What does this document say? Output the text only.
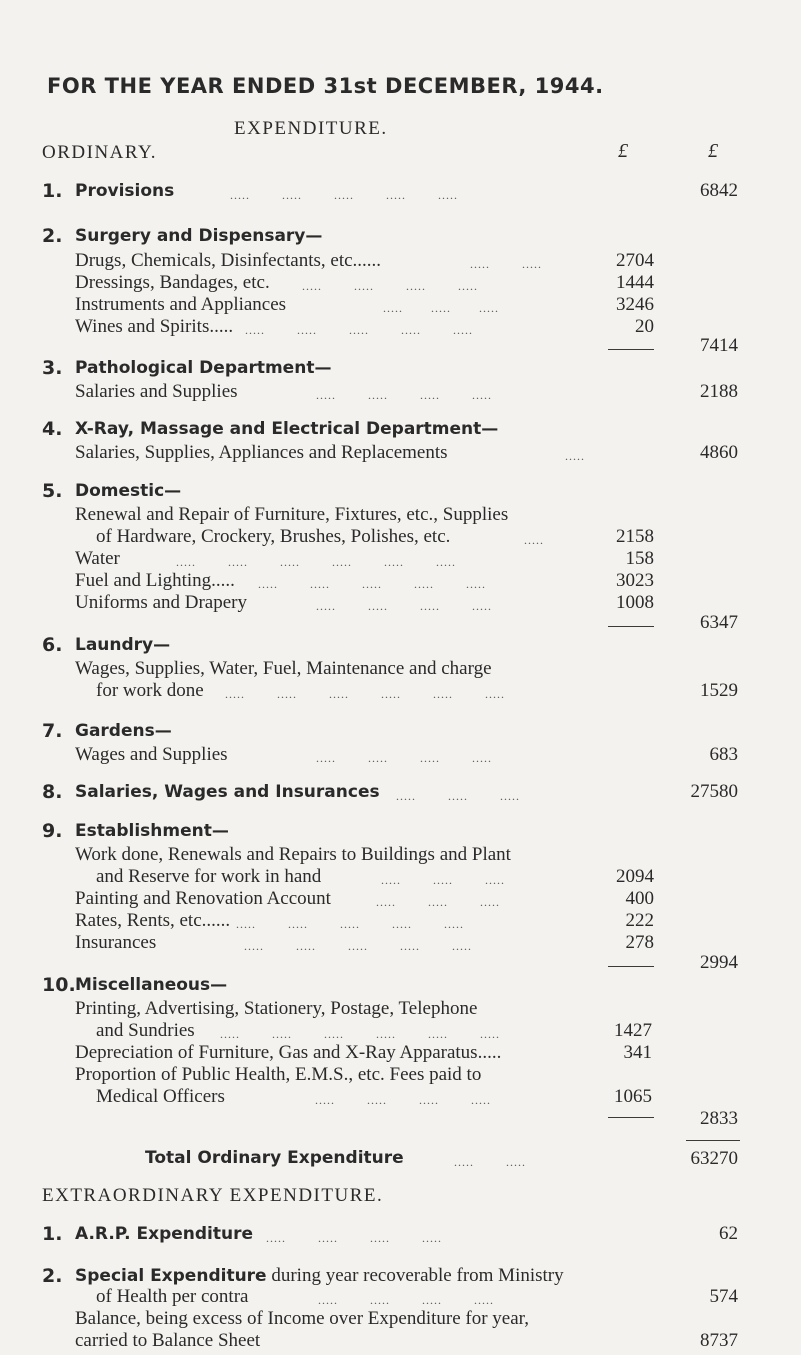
FOR THE YEAR ENDED 31st DECEMBER, 1944.
EXPENDITURE.
ORDINARY.	£	£
1. Provisions	.....        .....        .....        .....        .....	6842
2. Surgery and Dispensary—
Drugs, Chemicals, Disinfectants, etc......	.....        .....	2704
Dressings, Bandages, etc.	.....        .....        .....        .....	1444
Instruments and Appliances	.....       .....       .....	3246
Wines and Spirits..... .....        .....        .....        .....        .....	20
7414
3. Pathological Department—
Salaries and Supplies	.....        .....        .....        .....	2188
4. X-Ray, Massage and Electrical Department—
Salaries, Supplies, Appliances and Replacements	.....	4860
5. Domestic—
Renewal and Repair of Furniture, Fixtures, etc., Supplies
of Hardware, Crockery, Brushes, Polishes, etc.	.....	2158
Water	.....        .....        .....        .....        .....        .....	158
Fuel and Lighting..... .....        .....        .....        .....        .....	3023
Uniforms and Drapery	.....        .....        .....        .....	1008
6347
6. Laundry—
Wages, Supplies, Water, Fuel, Maintenance and charge
for work done .....        .....        .....        .....        .....        .....	1529
7. Gardens—
Wages and Supplies	.....        .....        .....        .....	683
8. Salaries, Wages and Insurances .....        .....        .....	27580
9. Establishment—
Work done, Renewals and Repairs to Buildings and Plant
and Reserve for work in hand	.....        .....        .....	2094
Painting and Renovation Account	.....        .....        .....	400
Rates, Rents, etc...... .....        .....        .....        .....        .....	222
Insurances	.....        .....        .....        .....        .....	278
2994
10. Miscellaneous—
Printing, Advertising, Stationery, Postage, Telephone
and Sundries .....        .....        .....        .....        .....        .....	1427
Depreciation of Furniture, Gas and X-Ray Apparatus.....	341
Proportion of Public Health, E.M.S., etc. Fees paid to
Medical Officers	.....        .....        .....        .....	1065
2833
Total Ordinary Expenditure	.....        .....	63270
EXTRAORDINARY EXPENDITURE.
1. A.R.P. Expenditure .....        .....        .....        .....	62
2. Special Expenditure during year recoverable from Ministry
of Health per contra	.....        .....        .....        .....	574
Balance, being excess of Income over Expenditure for year,
carried to Balance Sheet	8737
